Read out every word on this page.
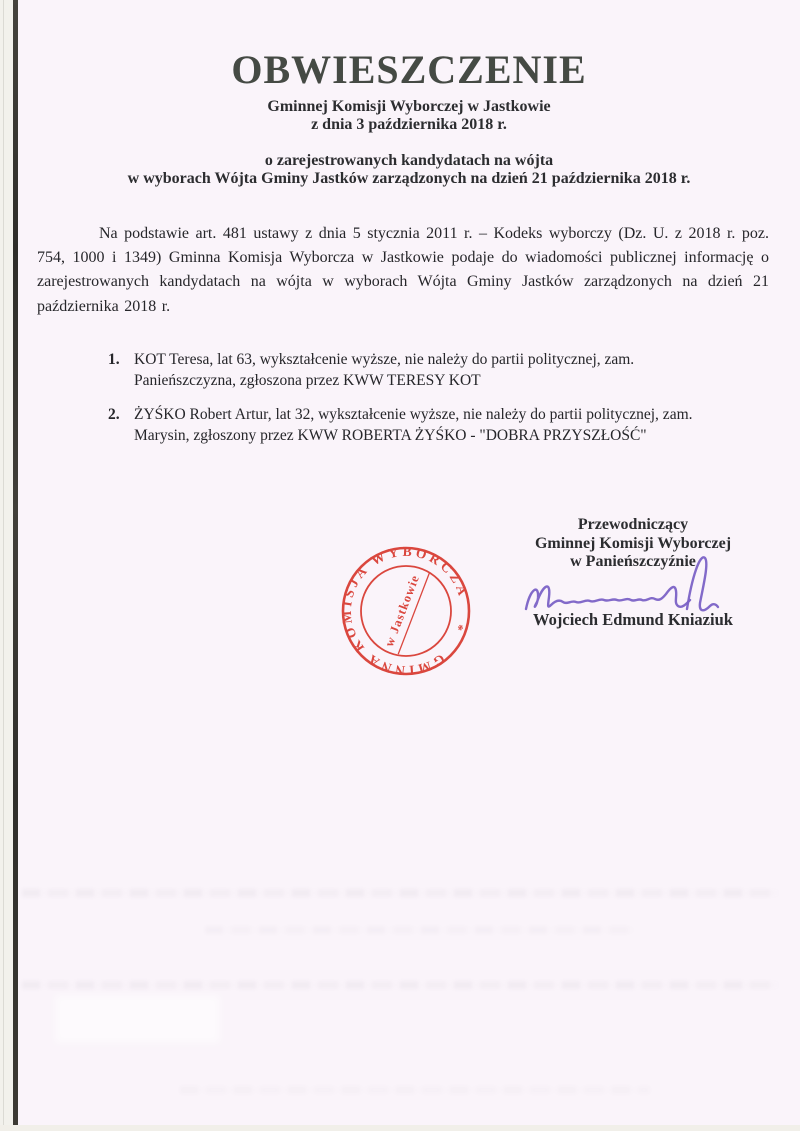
OBWIESZCZENIE
Gminnej Komisji Wyborczej w Jastkowie
z dnia 3 października 2018 r.
o zarejestrowanych kandydatach na wójta
w wyborach Wójta Gminy Jastków zarządzonych na dzień 21 października 2018 r.

Na podstawie art. 481 ustawy z dnia 5 stycznia 2011 r. – Kodeks wyborczy (Dz. U. z 2018 r. poz. 754, 1000 i 1349) Gminna Komisja Wyborcza w Jastkowie podaje do wiadomości publicznej informację o zarejestrowanych kandydatach na wójta w wyborach Wójta Gminy Jastków zarządzonych na dzień 21 października 2018 r.

1. KOT Teresa, lat 63, wykształcenie wyższe, nie należy do partii politycznej, zam. Panieńszczyzna, zgłoszona przez KWW TERESY KOT
2. ŻYŚKO Robert Artur, lat 32, wykształcenie wyższe, nie należy do partii politycznej, zam. Marysin, zgłoszony przez KWW ROBERTA ŻYŚKO - "DOBRA PRZYSZŁOŚĆ"
Przewodniczący
Gminnej Komisji Wyborczej
w Panieńszczyźnie
Wojciech Edmund Kniaziuk
KOMISJA WYBORCZA
GMINNA
*
w Jastkowie
